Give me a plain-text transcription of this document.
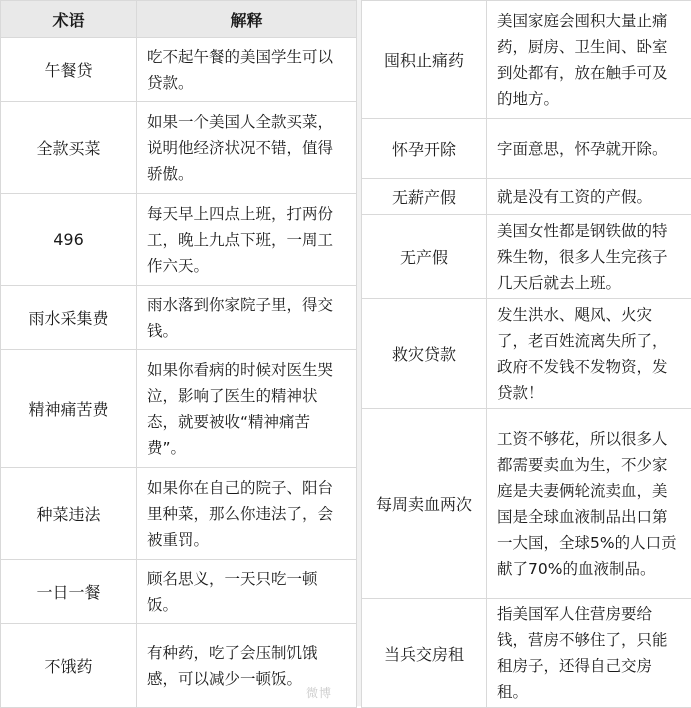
术语	解释
午餐贷	吃不起午餐的美国学生可以贷款。
全款买菜	如果一个美国人全款买菜，说明他经济状况不错，值得骄傲。
496	每天早上四点上班，打两份工，晚上九点下班，一周工作六天。
雨水采集费	雨水落到你家院子里，得交钱。
精神痛苦费	如果你看病的时候对医生哭泣，影响了医生的精神状态，就要被收“精神痛苦费”。
种菜违法	如果你在自己的院子、阳台里种菜，那么你违法了，会被重罚。
一日一餐	顾名思义，一天只吃一顿饭。
不饿药	有种药，吃了会压制饥饿感，可以减少一顿饭。
囤积止痛药	美国家庭会囤积大量止痛药，厨房、卫生间、卧室到处都有，放在触手可及的地方。
怀孕开除	字面意思，怀孕就开除。
无薪产假	就是没有工资的产假。
无产假	美国女性都是钢铁做的特殊生物，很多人生完孩子几天后就去上班。
救灾贷款	发生洪水、飓风、火灾了，老百姓流离失所了，政府不发钱不发物资，发贷款！
每周卖血两次	工资不够花，所以很多人都需要卖血为生，不少家庭是夫妻俩轮流卖血，美国是全球血液制品出口第一大国，全球5%的人口贡献了70%的血液制品。
当兵交房租	指美国军人住营房要给钱，营房不够住了，只能租房子，还得自己交房租。
微博
